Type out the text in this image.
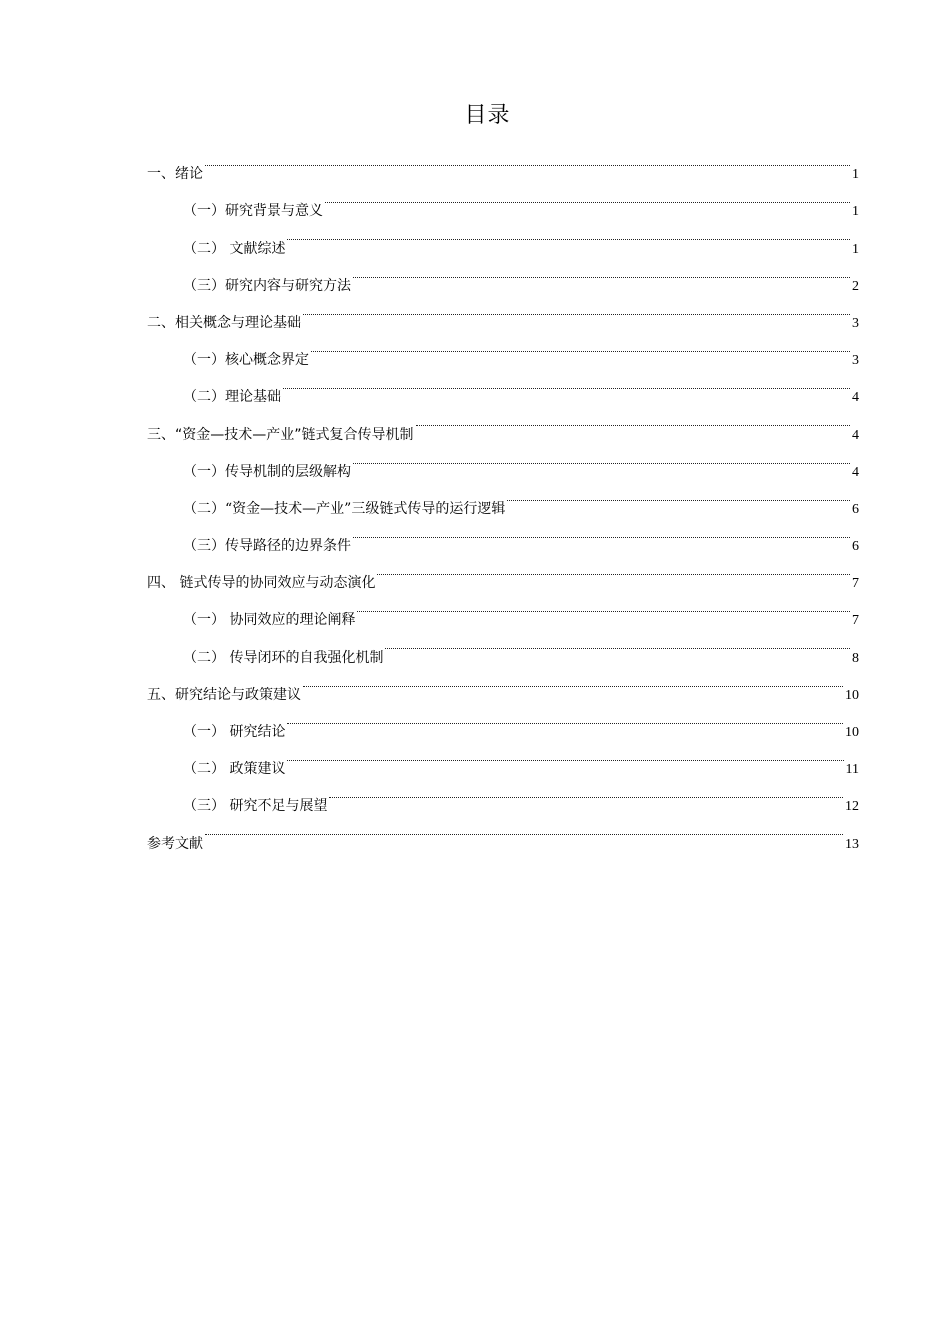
目录
一、绪论	1
（一）研究背景与意义	1
（二） 文献综述	1
（三）研究内容与研究方法	2
二、相关概念与理论基础	3
（一）核心概念界定	3
（二）理论基础	4
三、“资金—技术—产业”链式复合传导机制	4
（一）传导机制的层级解构	4
（二）“资金—技术—产业”三级链式传导的运行逻辑	6
（三）传导路径的边界条件	6
四、 链式传导的协同效应与动态演化	7
（一） 协同效应的理论阐释	7
（二） 传导闭环的自我强化机制	8
五、研究结论与政策建议	10
（一） 研究结论	10
（二） 政策建议	11
（三） 研究不足与展望	12
参考文献	13
